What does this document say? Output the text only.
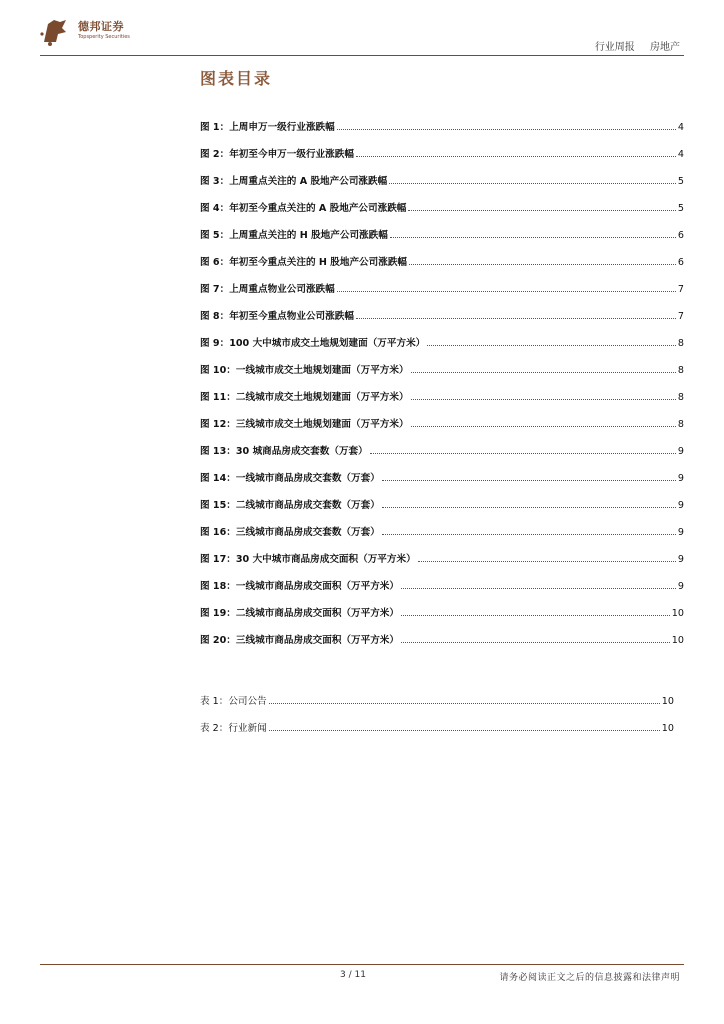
德邦证券
Topsperity Securities
行业周报 房地产
图表目录
图 1：上周申万一级行业涨跌幅	4
图 2：年初至今申万一级行业涨跌幅	4
图 3：上周重点关注的 A 股地产公司涨跌幅	5
图 4：年初至今重点关注的 A 股地产公司涨跌幅	5
图 5：上周重点关注的 H 股地产公司涨跌幅	6
图 6：年初至今重点关注的 H 股地产公司涨跌幅	6
图 7：上周重点物业公司涨跌幅	7
图 8：年初至今重点物业公司涨跌幅	7
图 9：100 大中城市成交土地规划建面（万平方米）	8
图 10：一线城市成交土地规划建面（万平方米）	8
图 11：二线城市成交土地规划建面（万平方米）	8
图 12：三线城市成交土地规划建面（万平方米）	8
图 13：30 城商品房成交套数（万套）	9
图 14：一线城市商品房成交套数（万套）	9
图 15：二线城市商品房成交套数（万套）	9
图 16：三线城市商品房成交套数（万套）	9
图 17：30 大中城市商品房成交面积（万平方米）	9
图 18：一线城市商品房成交面积（万平方米）	9
图 19：二线城市商品房成交面积（万平方米）	10
图 20：三线城市商品房成交面积（万平方米）	10
表 1：公司公告	10
表 2：行业新闻	10
3 / 11	请务必阅读正文之后的信息披露和法律声明
